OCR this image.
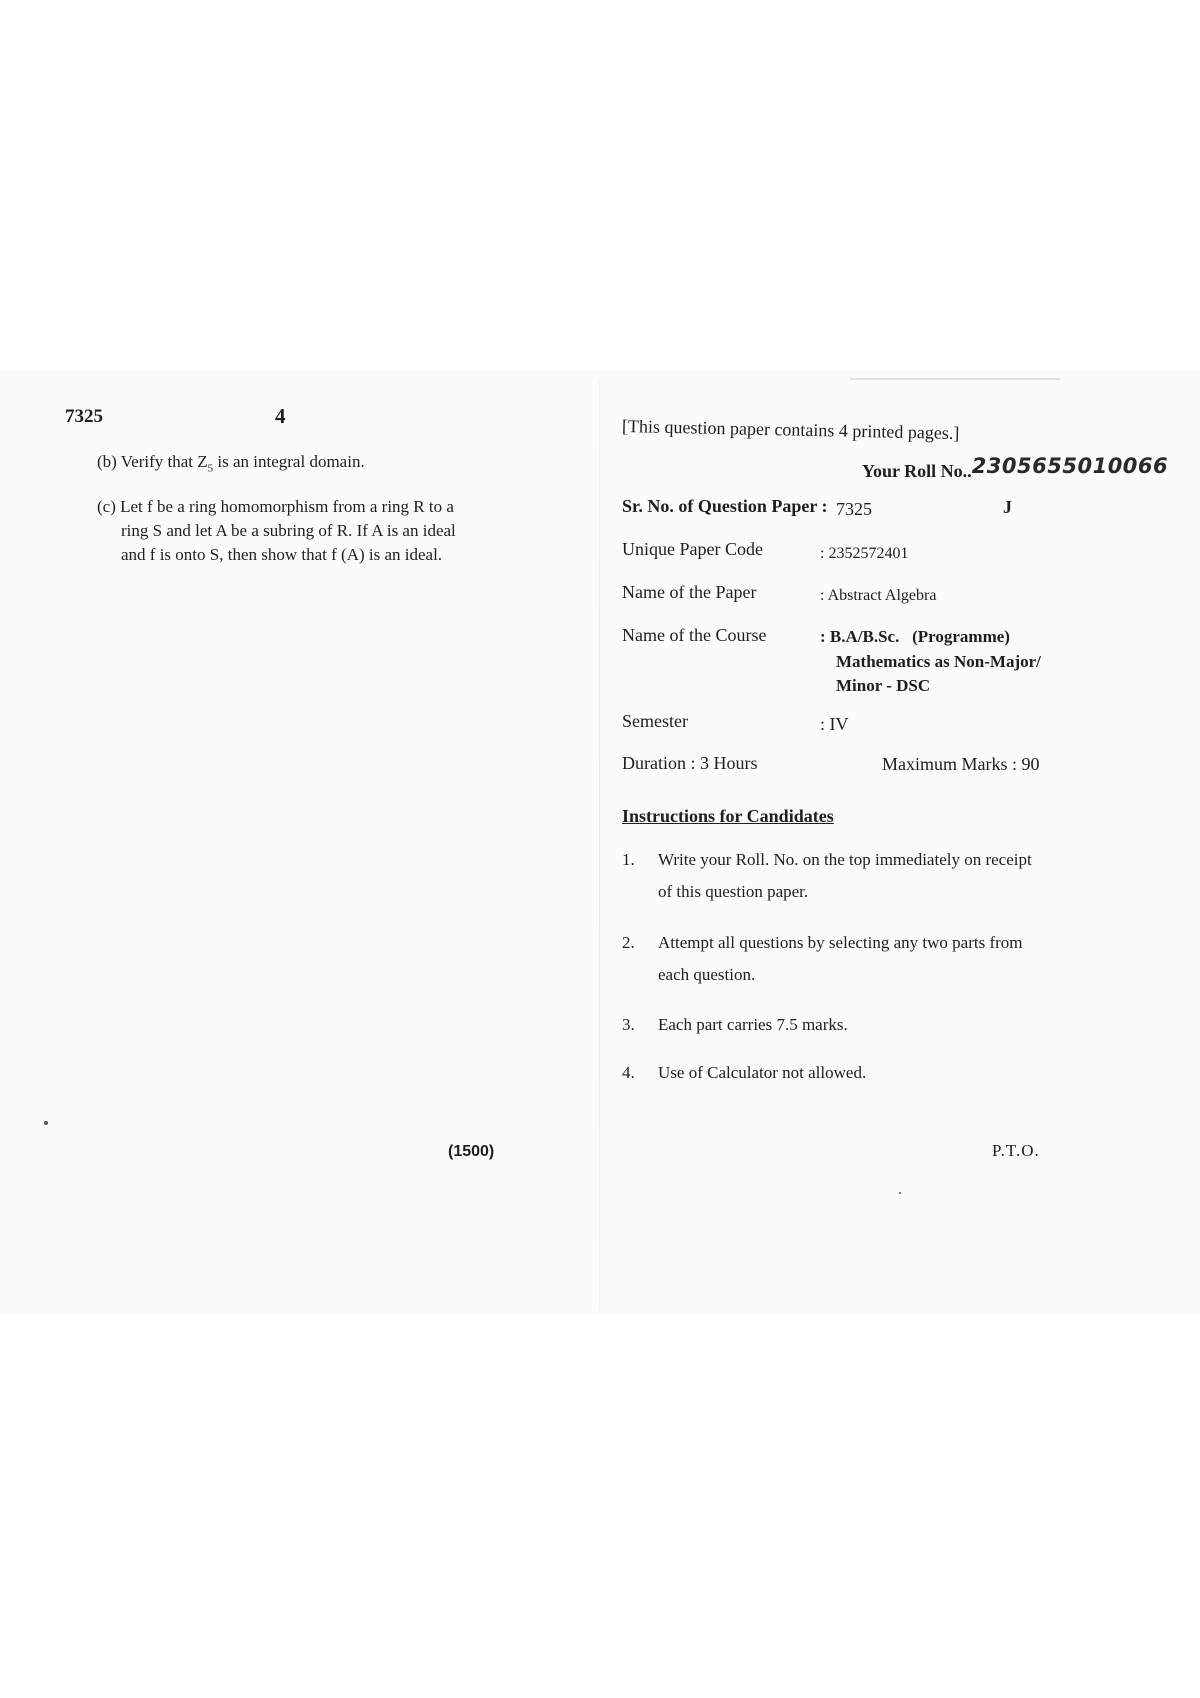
7325	4
(b) Verify that $Z_5$ is an integral domain.
(c) Let f be a ring homomorphism from a ring R to a
ring S and let A be a subring of R. If A is an ideal
and f is onto S, then show that f (A) is an ideal.
(1500)
[This question paper contains 4 printed pages.]
Your Roll No..2305655010066
Sr. No. of Question Paper : 7325	J
Unique Paper Code	: 2352572401
Name of the Paper	: Abstract Algebra
Name of the Course	: B.A/B.Sc.   (Programme)
Mathematics as Non-Major/
Minor - DSC
Semester	: IV
Duration : 3 Hours	Maximum Marks : 90
Instructions for Candidates
1. Write your Roll. No. on the top immediately on receipt
of this question paper.
2. Attempt all questions by selecting any two parts from
each question.
3. Each part carries 7.5 marks.
4. Use of Calculator not allowed.
P.T.O.
